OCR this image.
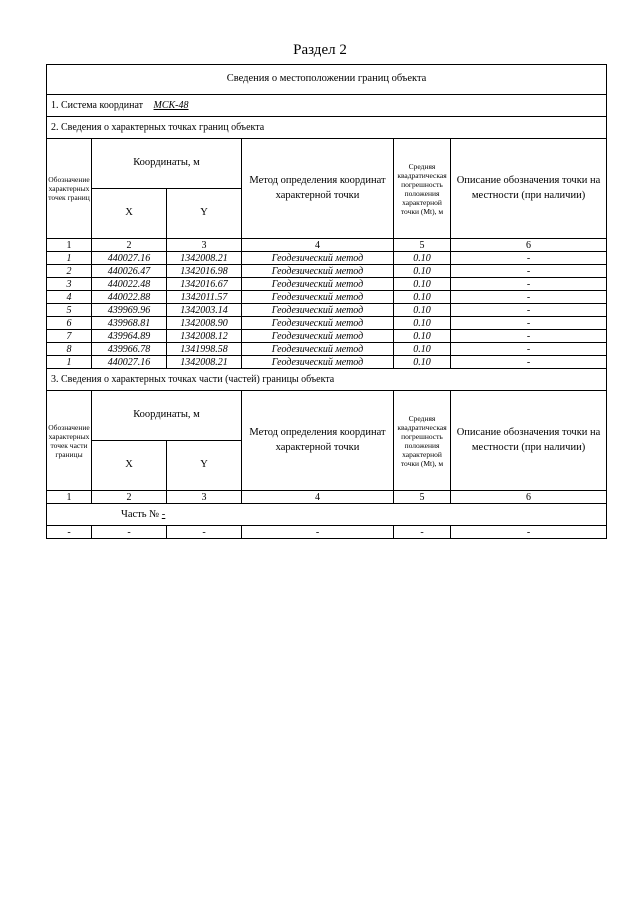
Раздел 2
Сведения о местоположении границ объекта					
1. Система координат МСК-48					
2. Сведения о характерных точках границ объекта					
Обозначение характерных точек границ	Координаты, м		Метод определения координат характерной точки	Средняя квадратическая погрешность положения характерной точки (Mt), м	Описание обозначения точки на местности (при наличии)
	X	Y			
1	2	3	4	5	6
1	440027.16	1342008.21	Геодезический метод	0.10	-
2	440026.47	1342016.98	Геодезический метод	0.10	-
3	440022.48	1342016.67	Геодезический метод	0.10	-
4	440022.88	1342011.57	Геодезический метод	0.10	-
5	439969.96	1342003.14	Геодезический метод	0.10	-
6	439968.81	1342008.90	Геодезический метод	0.10	-
7	439964.89	1342008.12	Геодезический метод	0.10	-
8	439966.78	1341998.58	Геодезический метод	0.10	-
1	440027.16	1342008.21	Геодезический метод	0.10	-
3. Сведения о характерных точках части (частей) границы объекта					
Обозначение характерных точек части границы	Координаты, м		Метод определения координат характерной точки	Средняя квадратическая погрешность положения характерной точки (Mt), м	Описание обозначения точки на местности (при наличии)
	X	Y			
1	2	3	4	5	6
Часть № -					
-	-	-	-	-	-
